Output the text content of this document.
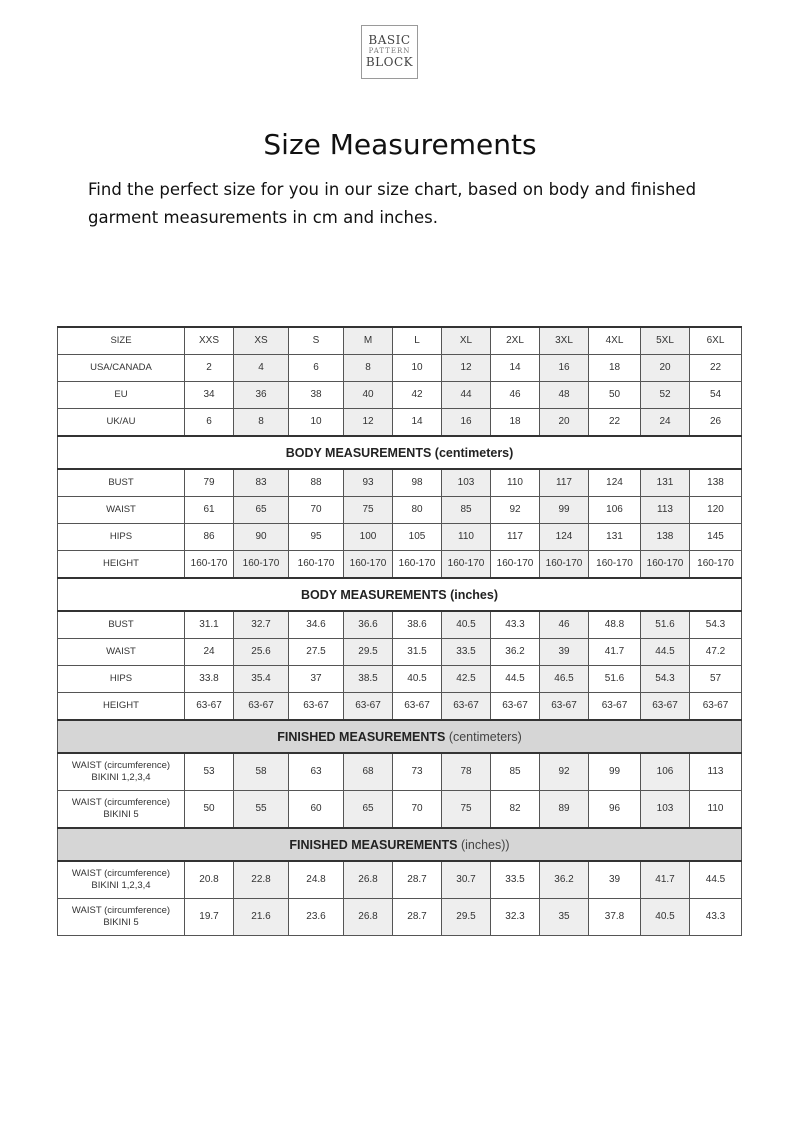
BASIC
PATTERN
BLOCK
Size Measurements

Find the perfect size for you in our size chart, based on body and finished garment measurements in cm and inches.

SIZE	XXS	XS	S	M	L	XL	2XL	3XL	4XL	5XL	6XL
USA/CANADA	2	4	6	8	10	12	14	16	18	20	22
EU	34	36	38	40	42	44	46	48	50	52	54
UK/AU	6	8	10	12	14	16	18	20	22	24	26
BODY MEASUREMENTS (centimeters)											
BUST	79	83	88	93	98	103	110	117	124	131	138
WAIST	61	65	70	75	80	85	92	99	106	113	120
HIPS	86	90	95	100	105	110	117	124	131	138	145
HEIGHT	160-170	160-170	160-170	160-170	160-170	160-170	160-170	160-170	160-170	160-170	160-170
BODY MEASUREMENTS (inches)											
BUST	31.1	32.7	34.6	36.6	38.6	40.5	43.3	46	48.8	51.6	54.3
WAIST	24	25.6	27.5	29.5	31.5	33.5	36.2	39	41.7	44.5	47.2
HIPS	33.8	35.4	37	38.5	40.5	42.5	44.5	46.5	51.6	54.3	57
HEIGHT	63-67	63-67	63-67	63-67	63-67	63-67	63-67	63-67	63-67	63-67	63-67
FINISHED MEASUREMENTS (centimeters)											
WAIST (circumference)
BIKINI 1,2,3,4	53	58	63	68	73	78	85	92	99	106	113
WAIST (circumference)
BIKINI 5	50	55	60	65	70	75	82	89	96	103	110
FINISHED MEASUREMENTS (inches))											
WAIST (circumference)
BIKINI 1,2,3,4	20.8	22.8	24.8	26.8	28.7	30.7	33.5	36.2	39	41.7	44.5
WAIST (circumference)
BIKINI 5	19.7	21.6	23.6	26.8	28.7	29.5	32.3	35	37.8	40.5	43.3
